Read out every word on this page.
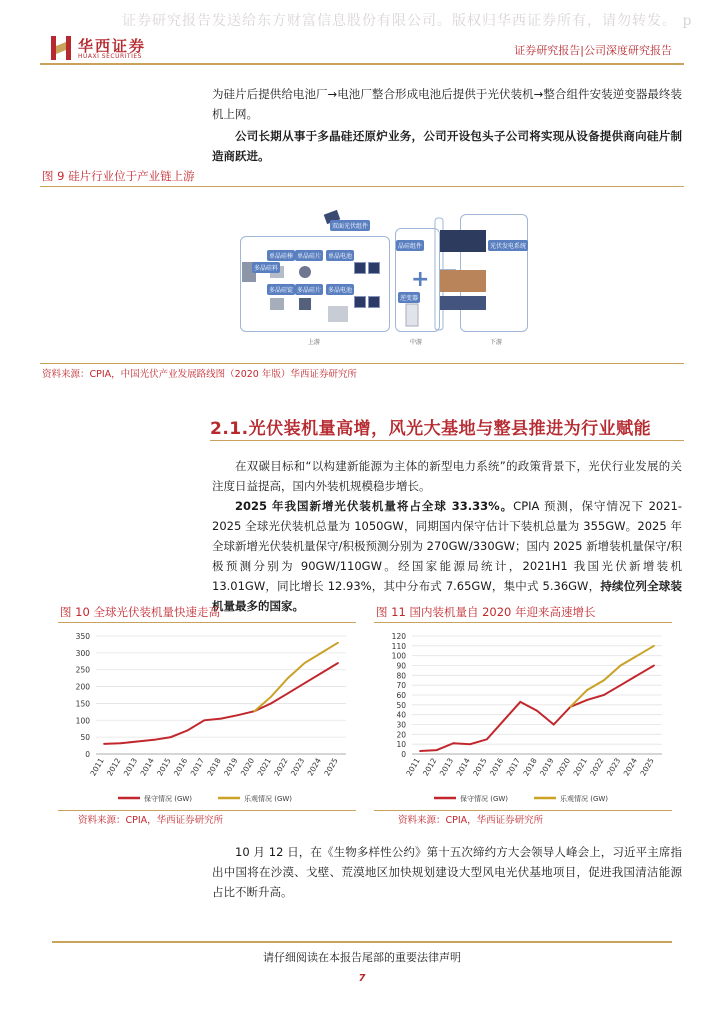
证券研究报告发送给东方财富信息股份有限公司。版权归华西证券所有，请勿转发。 p
华西证券
HUAXI SECURITIES	证券研究报告|公司深度研究报告
为硅片后提供给电池厂→电池厂整合形成电池后提供于光伏装机→整合组件安装逆变器最终装机上网。
公司长期从事于多晶硅还原炉业务，公司开设包头子公司将实现从设备提供商向硅片制造商跃进。
图 9 硅片行业位于产业链上游
+
多晶硅料
单晶硅棒 单晶硅片	单晶电池
多晶硅锭 多晶硅片	多晶电池
双面光伏组件
晶硅组件
逆变器
光伏发电系统
上游	中游	下游
资料来源：CPIA，中国光伏产业发展路线图（2020 年版）华西证券研究所
2.1.光伏装机量高增，风光大基地与整县推进为行业赋能
在双碳目标和“以构建新能源为主体的新型电力系统”的政策背景下，光伏行业发展的关注度日益提高，国内外装机规模稳步增长。
2025 年我国新增光伏装机量将占全球 33.33%。CPIA 预测，保守情况下 2021-2025 全球光伏装机总量为 1050GW，同期国内保守估计下装机总量为 355GW。2025 年全球新增光伏装机量保守/积极预测分别为 270GW/330GW；国内 2025 新增装机量保守/积极预测分别为 90GW/110GW。经国家能源局统计，2021H1 我国光伏新增装机 13.01GW，同比增长 12.93%，其中分布式 7.65GW，集中式 5.36GW，持续位列全球装机量最多的国家。
图 10 全球光伏装机量快速走高	图 11 国内装机量自 2020 年迎来高速增长
0
50
100
150
200
250
300
350
2011 2012 2013 2014 2015 2016 2017 2018 2019 2020 2021 2022 2023 2024 2025
保守情况 (GW)	乐观情况 (GW)
0
10
20
30
40
50
60
70
80
90
100
110
120
2011 2012 2013 2014 2015 2016 2017 2018 2019 2020 2021 2022 2023 2024 2025
保守情况 (GW)	乐观情况 (GW)
资料来源：CPIA，华西证券研究所	资料来源：CPIA，华西证券研究所
10 月 12 日，在《生物多样性公约》第十五次缔约方大会领导人峰会上，习近平主席指出中国将在沙漠、戈壁、荒漠地区加快规划建设大型风电光伏基地项目，促进我国清洁能源占比不断升高。
请仔细阅读在本报告尾部的重要法律声明
7
